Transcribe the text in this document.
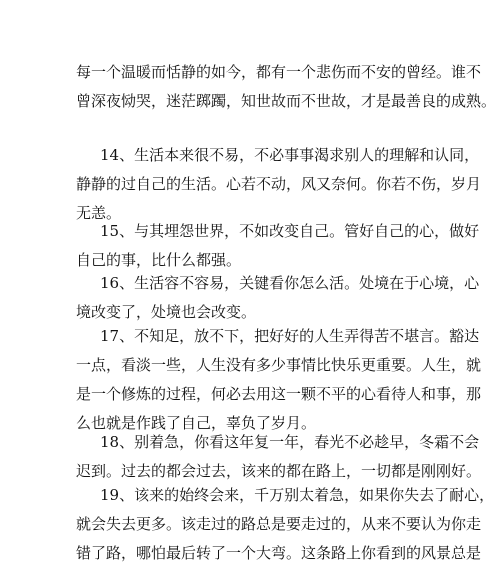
每一个温暖而恬静的如今，都有一个悲伤而不安的曾经。谁不
曾深夜恸哭，迷茫踯躅，知世故而不世故，才是最善良的成熟。
14、生活本来很不易，不必事事渴求别人的理解和认同，
静静的过自己的生活。心若不动，风又奈何。你若不伤，岁月
无恙。
15、与其埋怨世界，不如改变自己。管好自己的心，做好
自己的事，比什么都强。
16、生活容不容易，关键看你怎么活。处境在于心境，心
境改变了，处境也会改变。
17、不知足，放不下，把好好的人生弄得苦不堪言。豁达
一点，看淡一些，人生没有多少事情比快乐更重要。人生，就
是一个修炼的过程，何必去用这一颗不平的心看待人和事，那
么也就是作践了自己，辜负了岁月。
18、别着急，你看这年复一年，春光不必趁早，冬霜不会
迟到。过去的都会过去，该来的都在路上，一切都是刚刚好。
19、该来的始终会来，千万别太着急，如果你失去了耐心，
就会失去更多。该走过的路总是要走过的，从来不要认为你走
错了路，哪怕最后转了一个大弯。这条路上你看到的风景总是
